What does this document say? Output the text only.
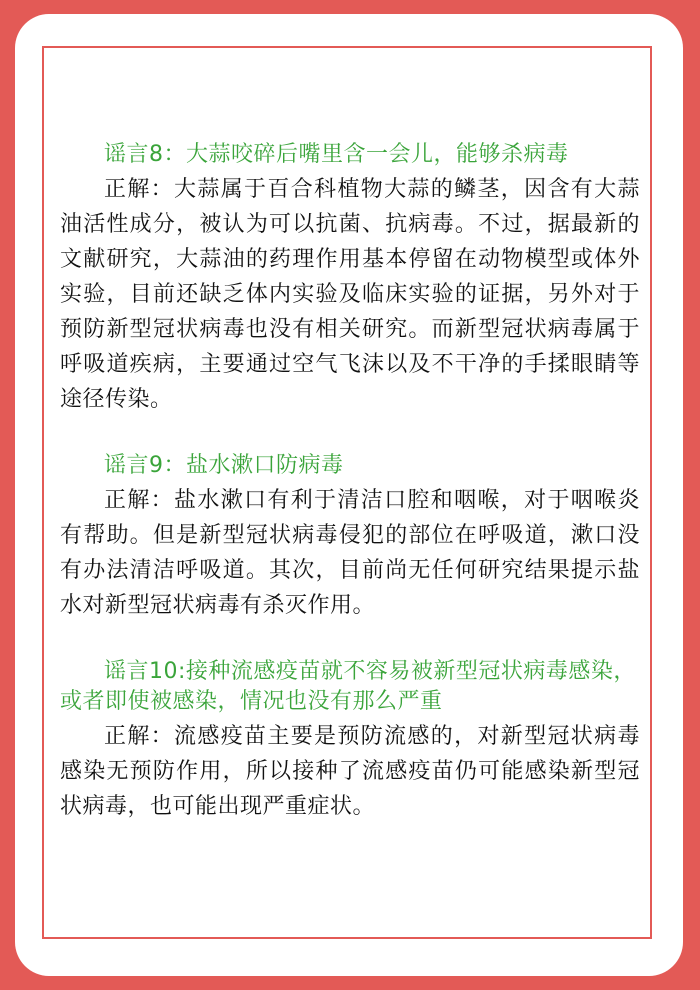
谣言8：大蒜咬碎后嘴里含一会儿，能够杀病毒

正解：大蒜属于百合科植物大蒜的鳞茎，因含有大蒜油活性成分，被认为可以抗菌、抗病毒。不过，据最新的文献研究，大蒜油的药理作用基本停留在动物模型或体外实验，目前还缺乏体内实验及临床实验的证据，另外对于预防新型冠状病毒也没有相关研究。而新型冠状病毒属于呼吸道疾病，主要通过空气飞沫以及不干净的手揉眼睛等途径传染。

谣言9：盐水漱口防病毒

正解：盐水漱口有利于清洁口腔和咽喉，对于咽喉炎有帮助。但是新型冠状病毒侵犯的部位在呼吸道，漱口没有办法清洁呼吸道。其次，目前尚无任何研究结果提示盐水对新型冠状病毒有杀灭作用。

谣言10:接种流感疫苗就不容易被新型冠状病毒感染，或者即使被感染，情况也没有那么严重

正解：流感疫苗主要是预防流感的，对新型冠状病毒感染无预防作用，所以接种了流感疫苗仍可能感染新型冠状病毒，也可能出现严重症状。
